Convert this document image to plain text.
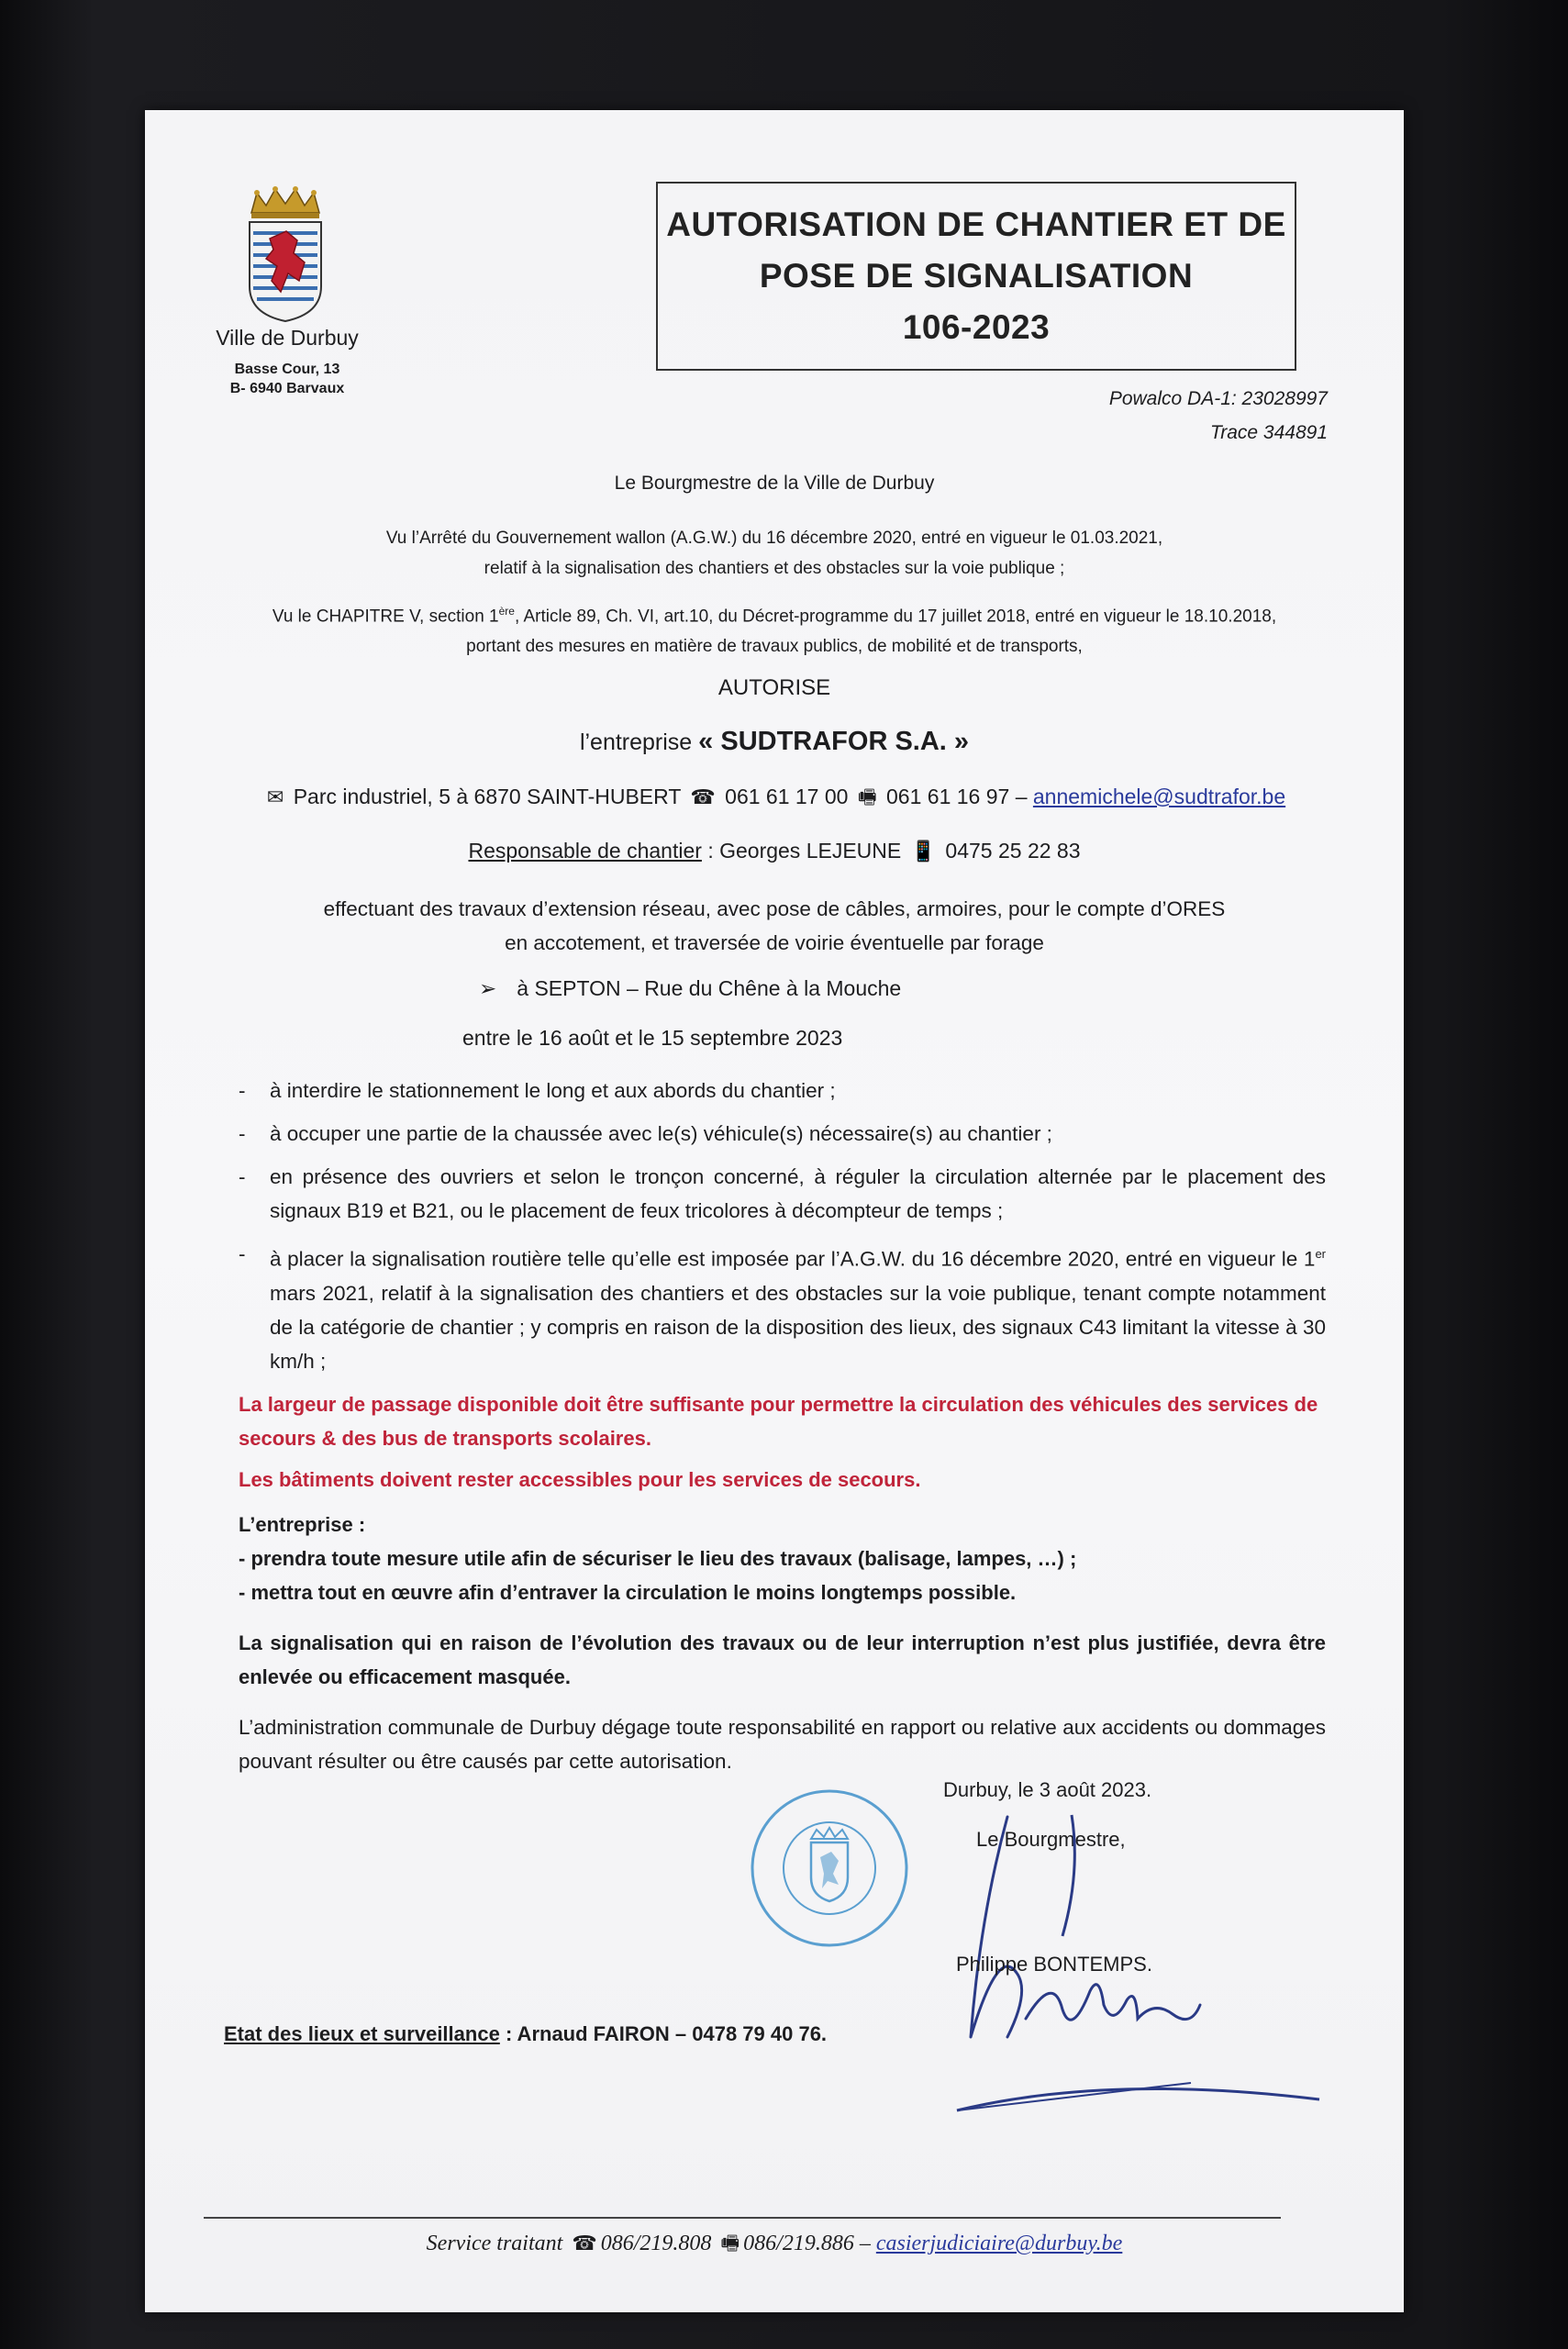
Ville de Durbuy
Basse Cour, 13
B- 6940 Barvaux
AUTORISATION DE CHANTIER ET DE
POSE DE SIGNALISATION
106-2023
Powalco DA-1: 23028997
Trace 344891
Le Bourgmestre de la Ville de Durbuy
Vu l’Arrêté du Gouvernement wallon (A.G.W.) du 16 décembre 2020, entré en vigueur le 01.03.2021,
relatif à la signalisation des chantiers et des obstacles sur la voie publique ;
Vu le CHAPITRE V, section 1ère, Article 89, Ch. VI, art.10, du Décret-programme du 17 juillet 2018, entré en vigueur le 18.10.2018,
portant des mesures en matière de travaux publics, de mobilité et de transports,
AUTORISE
l’entreprise « SUDTRAFOR S.A. »
✉ Parc industriel, 5 à 6870 SAINT-HUBERT ☎ 061 61 17 00 🖷 061 61 16 97 – annemichele@sudtrafor.be
Responsable de chantier : Georges LEJEUNE 📱 0475 25 22 83
effectuant des travaux d’extension réseau, avec pose de câbles, armoires, pour le compte d’ORES
en accotement, et traversée de voirie éventuelle par forage
➢ à SEPTON – Rue du Chêne à la Mouche
entre le 16 août et le 15 septembre 2023
- à interdire le stationnement le long et aux abords du chantier ;
- à occuper une partie de la chaussée avec le(s) véhicule(s) nécessaire(s) au chantier ;
- en présence des ouvriers et selon le tronçon concerné, à réguler la circulation alternée par le placement des signaux B19 et B21, ou le placement de feux tricolores à décompteur de temps ;
- à placer la signalisation routière telle qu’elle est imposée par l’A.G.W. du 16 décembre 2020, entré en vigueur le 1er mars 2021, relatif à la signalisation des chantiers et des obstacles sur la voie publique, tenant compte notamment de la catégorie de chantier ; y compris en raison de la disposition des lieux, des signaux C43 limitant la vitesse à 30 km/h ;
La largeur de passage disponible doit être suffisante pour permettre la circulation des véhicules des services de secours & des bus de transports scolaires.
Les bâtiments doivent rester accessibles pour les services de secours.
L’entreprise :
- prendra toute mesure utile afin de sécuriser le lieu des travaux (balisage, lampes, …) ;
- mettra tout en œuvre afin d’entraver la circulation le moins longtemps possible.
La signalisation qui en raison de l’évolution des travaux ou de leur interruption n’est plus justifiée, devra être enlevée ou efficacement masquée.
L’administration communale de Durbuy dégage toute responsabilité en rapport ou relative aux accidents ou dommages pouvant résulter ou être causés par cette autorisation.
Durbuy, le 3 août 2023.
Le Bourgmestre,
Philippe BONTEMPS.
Etat des lieux et surveillance : Arnaud FAIRON – 0478 79 40 76.
Service traitant ☎ 086/219.808 🖷 086/219.886 – casierjudiciaire@durbuy.be
